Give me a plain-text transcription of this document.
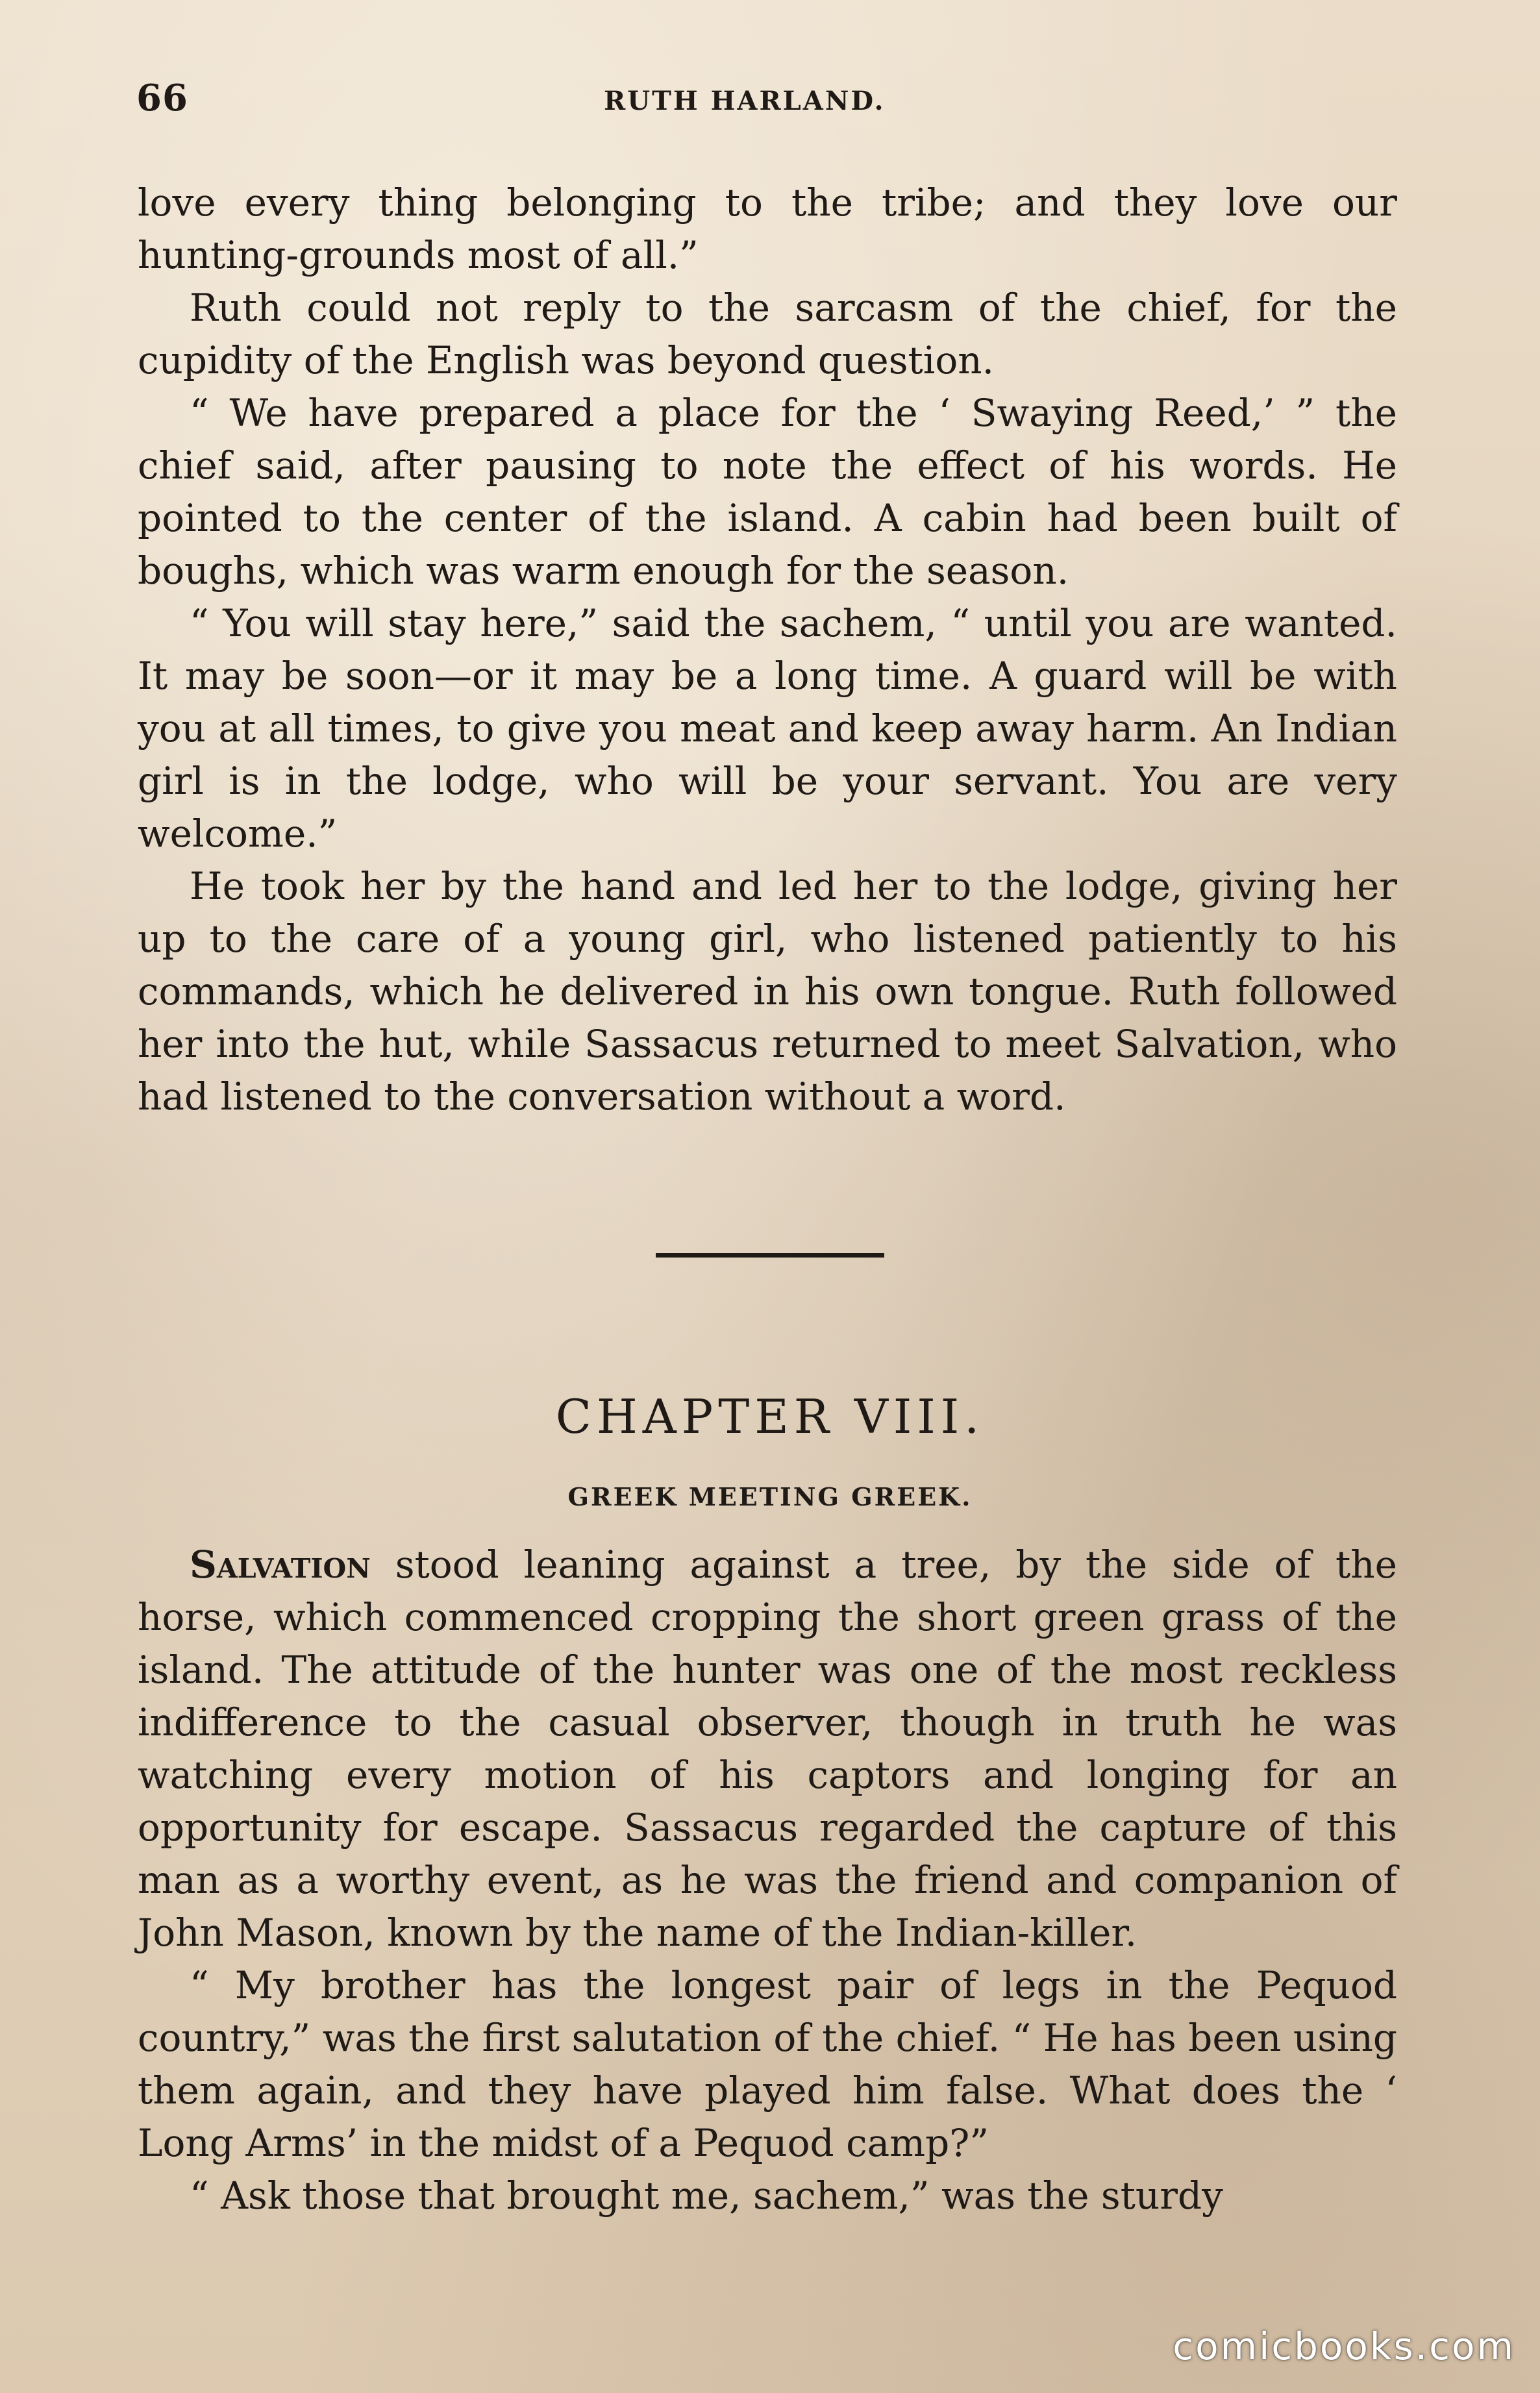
66	RUTH HARLAND.

love every thing belonging to the tribe; and they love our hunting-grounds most of all.”

Ruth could not reply to the sarcasm of the chief, for the cupidity of the English was beyond question.

“ We have prepared a place for the ‘ Swaying Reed,’ ” the chief said, after pausing to note the effect of his words. He pointed to the center of the island. A cabin had been built of boughs, which was warm enough for the season.

“ You will stay here,” said the sachem, “ until you are wanted. It may be soon—or it may be a long time. A guard will be with you at all times, to give you meat and keep away harm. An Indian girl is in the lodge, who will be your servant. You are very welcome.”

He took her by the hand and led her to the lodge, giving her up to the care of a young girl, who listened patiently to his commands, which he delivered in his own tongue. Ruth followed her into the hut, while Sassacus returned to meet Salvation, who had listened to the conversation without a word.

CHAPTER VIII.
GREEK MEETING GREEK.

Salvation stood leaning against a tree, by the side of the horse, which commenced cropping the short green grass of the island. The attitude of the hunter was one of the most reckless indifference to the casual observer, though in truth he was watching every motion of his captors and longing for an opportunity for escape. Sassacus regarded the capture of this man as a worthy event, as he was the friend and companion of John Mason, known by the name of the Indian-killer.

“ My brother has the longest pair of legs in the Pequod country,” was the first salutation of the chief. “ He has been using them again, and they have played him false. What does the ‘ Long Arms’ in the midst of a Pequod camp?”

“ Ask those that brought me, sachem,” was the sturdy

comicbooks.com
